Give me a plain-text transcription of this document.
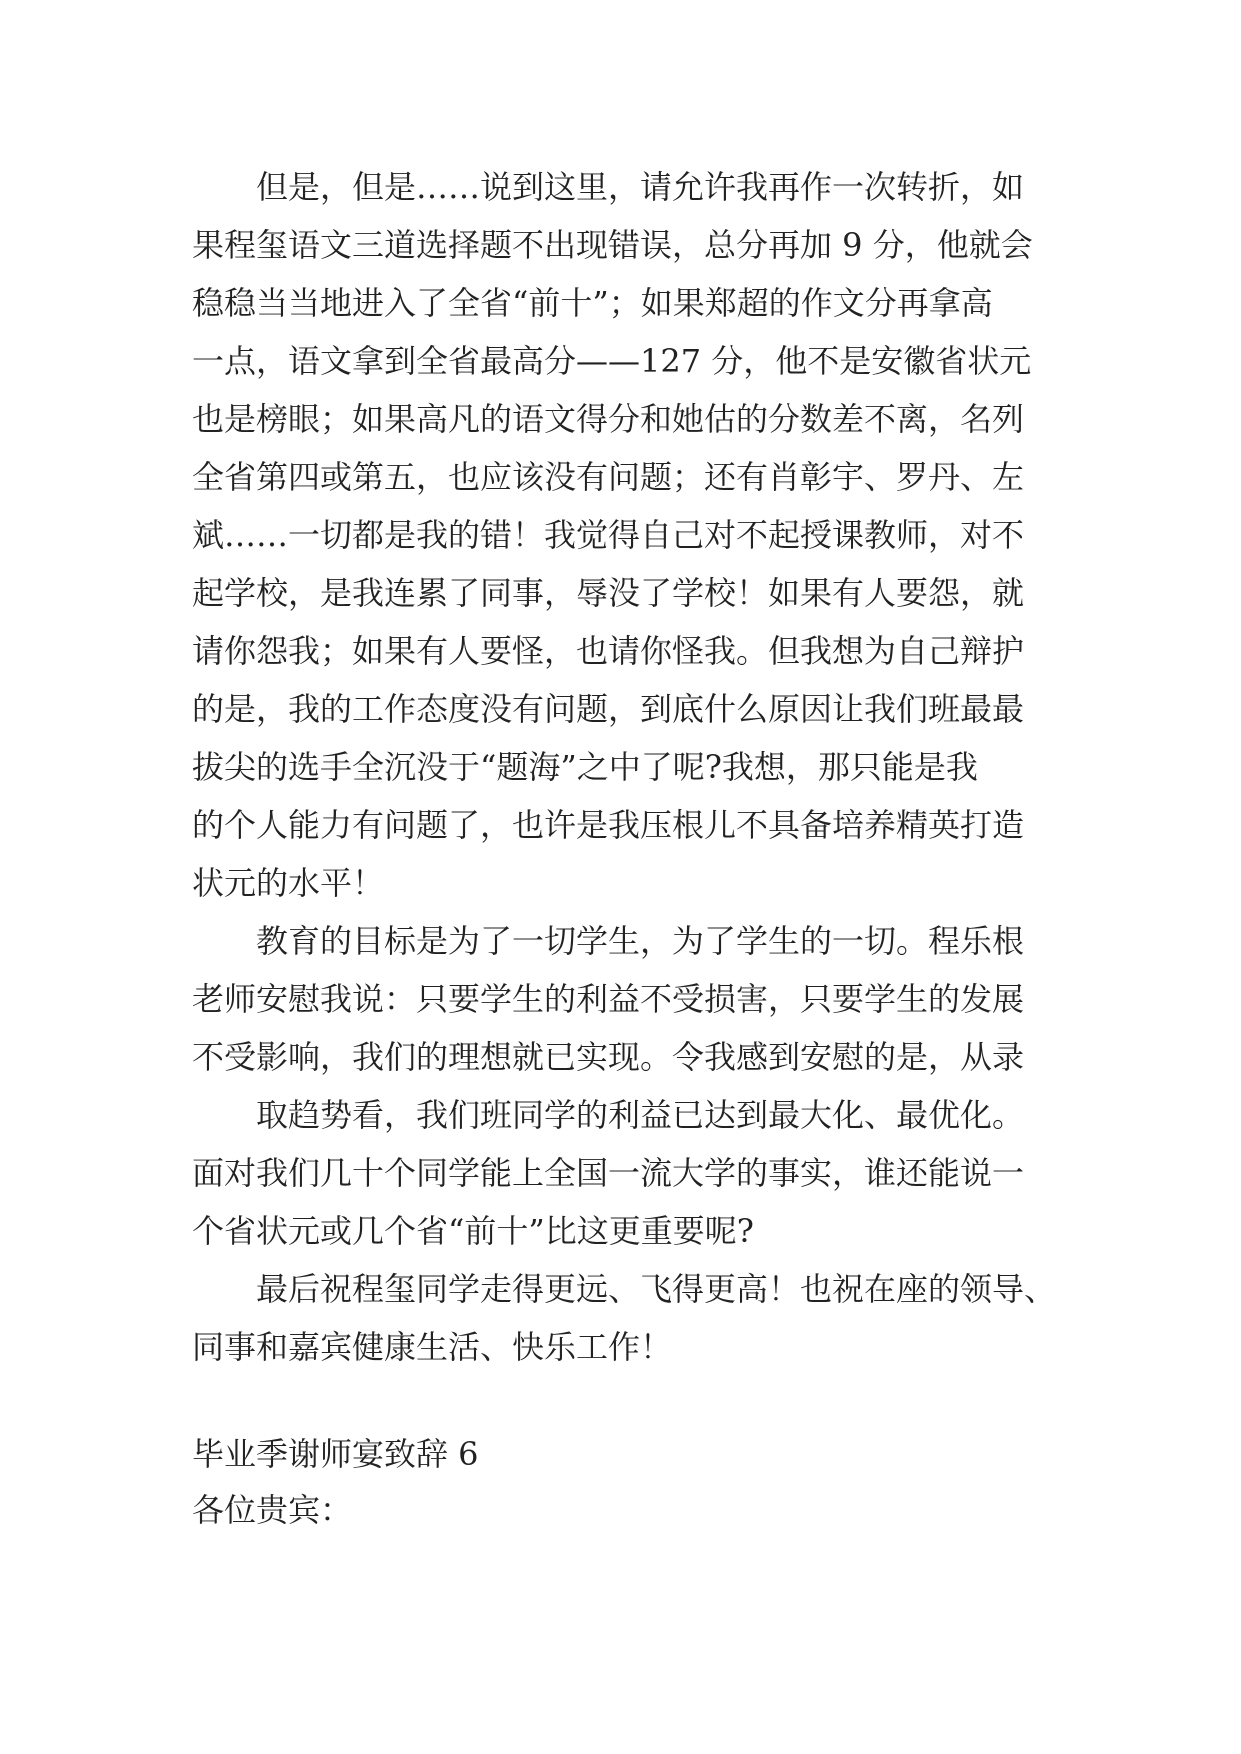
但是，但是……说到这里，请允许我再作一次转折，如
果程玺语文三道选择题不出现错误，总分再加 9 分，他就会
稳稳当当地进入了全省“前十”；如果郑超的作文分再拿高
一点，语文拿到全省最高分——127 分，他不是安徽省状元
也是榜眼；如果高凡的语文得分和她估的分数差不离，名列
全省第四或第五，也应该没有问题；还有肖彰宇、罗丹、左
斌……一切都是我的错！我觉得自己对不起授课教师，对不
起学校，是我连累了同事，辱没了学校！如果有人要怨，就
请你怨我；如果有人要怪，也请你怪我。但我想为自己辩护
的是，我的工作态度没有问题，到底什么原因让我们班最最
拔尖的选手全沉没于“题海”之中了呢?我想，那只能是我
的个人能力有问题了，也许是我压根儿不具备培养精英打造
状元的水平！
教育的目标是为了一切学生，为了学生的一切。程乐根
老师安慰我说：只要学生的利益不受损害，只要学生的发展
不受影响，我们的理想就已实现。令我感到安慰的是，从录
取趋势看，我们班同学的利益已达到最大化、最优化。
面对我们几十个同学能上全国一流大学的事实，谁还能说一
个省状元或几个省“前十”比这更重要呢?
最后祝程玺同学走得更远、飞得更高！也祝在座的领导、
同事和嘉宾健康生活、快乐工作！
毕业季谢师宴致辞 6
各位贵宾：
